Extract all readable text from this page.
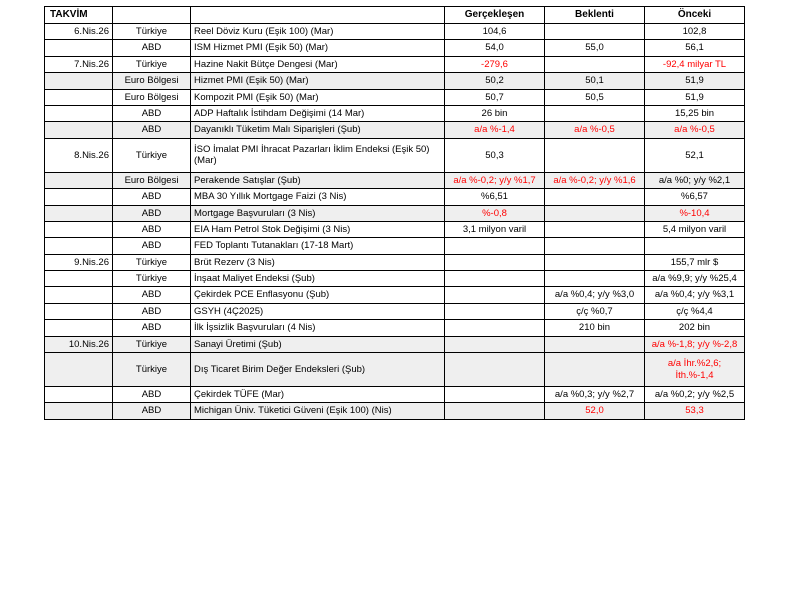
TAKVİM			Gerçekleşen	Beklenti	Önceki
6.Nis.26	Türkiye	Reel Döviz Kuru (Eşik 100) (Mar)	104,6		102,8
	ABD	ISM Hizmet PMI (Eşik 50) (Mar)	54,0	55,0	56,1
7.Nis.26	Türkiye	Hazine Nakit Bütçe Dengesi (Mar)	-279,6		-92,4 milyar TL
	Euro Bölgesi	Hizmet PMI (Eşik 50) (Mar)	50,2	50,1	51,9
	Euro Bölgesi	Kompozit PMI (Eşik 50) (Mar)	50,7	50,5	51,9
	ABD	ADP Haftalık İstihdam Değişimi (14 Mar)	26 bin		15,25 bin
	ABD	Dayanıklı Tüketim Malı Siparişleri (Şub)	a/a %-1,4	a/a %-0,5	a/a %-0,5
8.Nis.26	Türkiye	İSO İmalat PMI İhracat Pazarları İklim Endeksi (Eşik 50) (Mar)	50,3		52,1
	Euro Bölgesi	Perakende Satışlar (Şub)	a/a %-0,2; y/y %1,7	a/a %-0,2; y/y %1,6	a/a %0; y/y %2,1
	ABD	MBA 30 Yıllık Mortgage Faizi (3 Nis)	%6,51		%6,57
	ABD	Mortgage Başvuruları (3 Nis)	%-0,8		%-10,4
	ABD	EIA Ham Petrol Stok Değişimi (3 Nis)	3,1 milyon varil		5,4 milyon varil
	ABD	FED Toplantı Tutanakları (17-18 Mart)			
9.Nis.26	Türkiye	Brüt Rezerv (3 Nis)			155,7 mlr $
	Türkiye	İnşaat Maliyet Endeksi (Şub)			a/a %9,9; y/y %25,4
	ABD	Çekirdek PCE Enflasyonu (Şub)		a/a %0,4; y/y %3,0	a/a %0,4; y/y %3,1
	ABD	GSYH (4Ç2025)		ç/ç %0,7	ç/ç %4,4
	ABD	İlk İşsizlik Başvuruları (4 Nis)		210 bin	202 bin
10.Nis.26	Türkiye	Sanayi Üretimi (Şub)			a/a %-1,8; y/y %-2,8
	Türkiye	Dış Ticaret Birim Değer Endeksleri (Şub)			a/a İhr.%2,6; İth.%-1,4
	ABD	Çekirdek TÜFE (Mar)		a/a %0,3; y/y %2,7	a/a %0,2; y/y %2,5
	ABD	Michigan Üniv. Tüketici Güveni (Eşik 100) (Nis)		52,0	53,3
